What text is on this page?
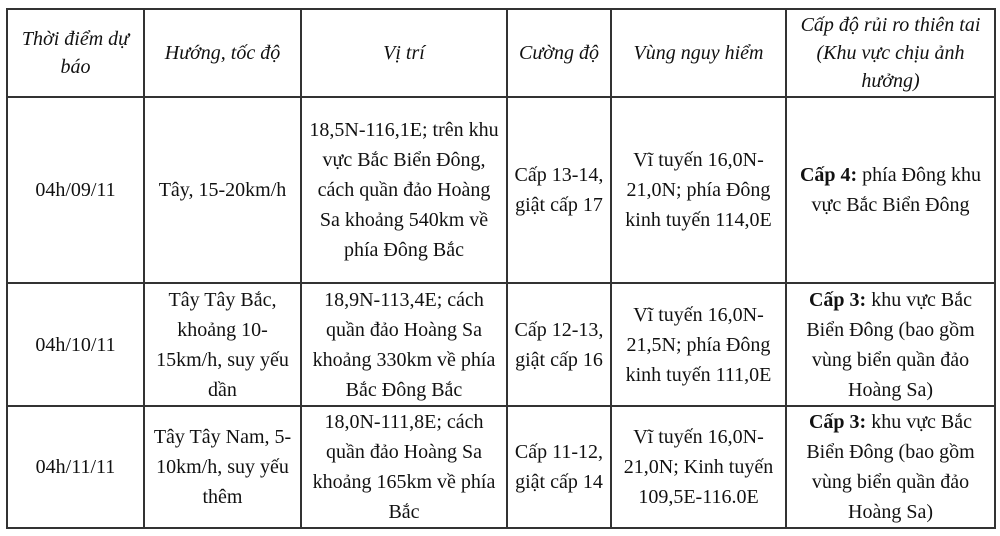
Thời điểm dự báo	Hướng, tốc độ	Vị trí	Cường độ	Vùng nguy hiểm	Cấp độ rủi ro thiên tai (Khu vực chịu ảnh hưởng)
04h/09/11	Tây, 15-20km/h	18,5N-116,1E; trên khu vực Bắc Biển Đông, cách quần đảo Hoàng Sa khoảng 540km về phía Đông Bắc	Cấp 13-14, giật cấp 17	Vĩ tuyến 16,0N-21,0N; phía Đông kinh tuyến 114,0E	Cấp 4: phía Đông khu vực Bắc Biển Đông
04h/10/11	Tây Tây Bắc, khoảng 10-15km/h, suy yếu dần	18,9N-113,4E; cách quần đảo Hoàng Sa khoảng 330km về phía Bắc Đông Bắc	Cấp 12-13, giật cấp 16	Vĩ tuyến 16,0N-21,5N; phía Đông kinh tuyến 111,0E	Cấp 3: khu vực Bắc Biển Đông (bao gồm vùng biển quần đảo Hoàng Sa)
04h/11/11	Tây Tây Nam, 5-10km/h, suy yếu thêm	18,0N-111,8E; cách quần đảo Hoàng Sa khoảng 165km về phía Bắc	Cấp 11-12, giật cấp 14	Vĩ tuyến 16,0N-21,0N; Kinh tuyến 109,5E-116.0E	Cấp 3: khu vực Bắc Biển Đông (bao gồm vùng biển quần đảo Hoàng Sa)
